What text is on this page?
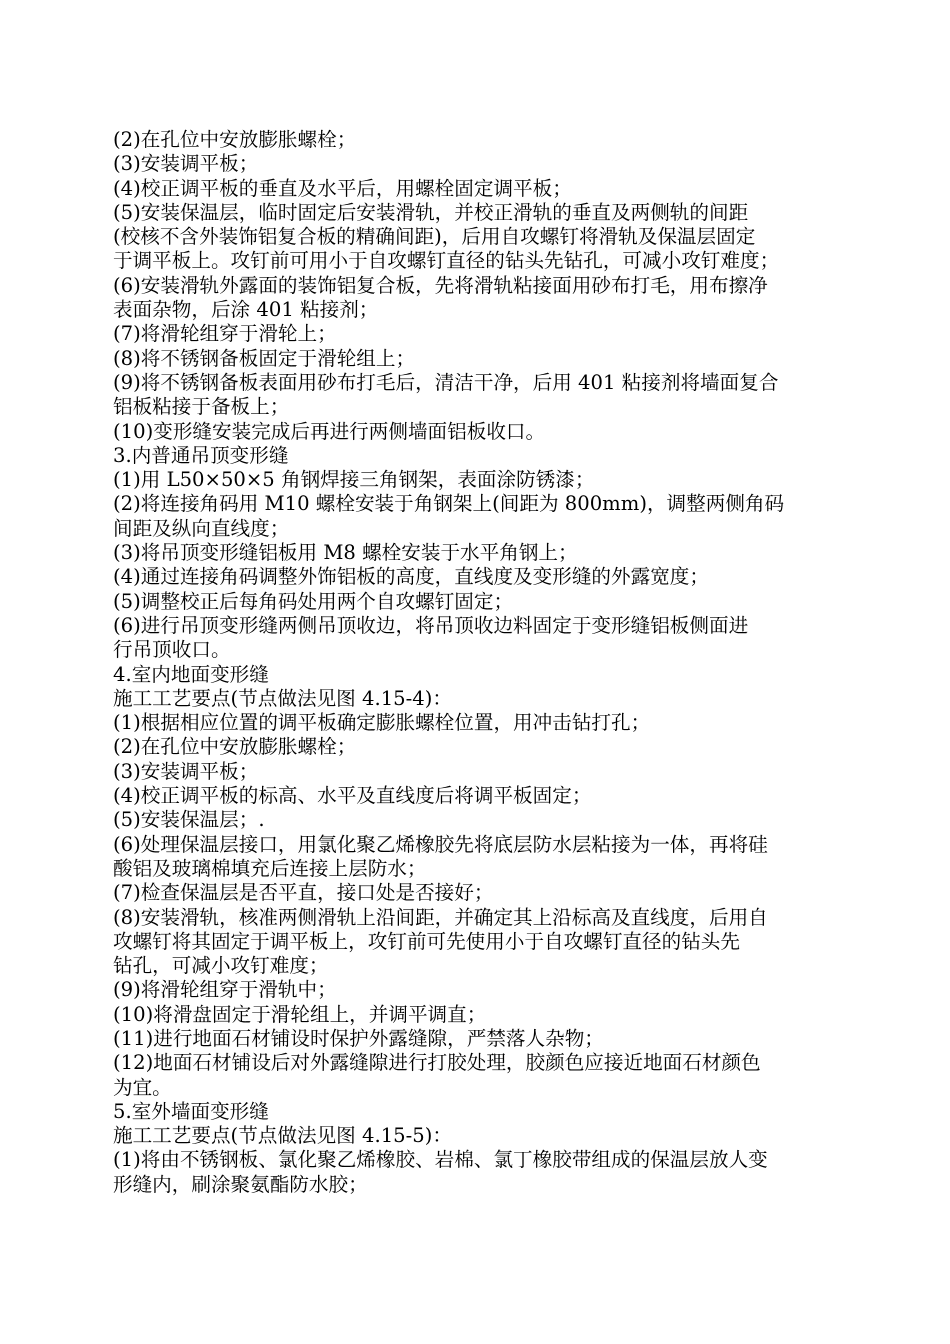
(2)在孔位中安放膨胀螺栓；
(3)安装调平板；
(4)校正调平板的垂直及水平后，用螺栓固定调平板；
(5)安装保温层，临时固定后安装滑轨，并校正滑轨的垂直及两侧轨的间距
(校核不含外装饰铝复合板的精确间距)，后用自攻螺钉将滑轨及保温层固定
于调平板上。攻钉前可用小于自攻螺钉直径的钻头先钻孔，可减小攻钉难度；
(6)安装滑轨外露面的装饰铝复合板，先将滑轨粘接面用砂布打毛，用布擦净
表面杂物，后涂 401 粘接剂；
(7)将滑轮组穿于滑轮上；
(8)将不锈钢备板固定于滑轮组上；
(9)将不锈钢备板表面用砂布打毛后，清洁干净，后用 401 粘接剂将墙面复合
铝板粘接于备板上；
(10)变形缝安装完成后再进行两侧墙面铝板收口。
3.内普通吊顶变形缝
(1)用 L50×50×5 角钢焊接三角钢架，表面涂防锈漆；
(2)将连接角码用 M10 螺栓安装于角钢架上(间距为 800mm)，调整两侧角码
间距及纵向直线度；
(3)将吊顶变形缝铝板用 M8 螺栓安装于水平角钢上；
(4)通过连接角码调整外饰铝板的高度，直线度及变形缝的外露宽度；
(5)调整校正后每角码处用两个自攻螺钉固定；
(6)进行吊顶变形缝两侧吊顶收边，将吊顶收边料固定于变形缝铝板侧面进
行吊顶收口。
4.室内地面变形缝
施工工艺要点(节点做法见图 4.15-4)：
(1)根据相应位置的调平板确定膨胀螺栓位置，用冲击钻打孔；
(2)在孔位中安放膨胀螺栓；
(3)安装调平板；
(4)校正调平板的标高、水平及直线度后将调平板固定；
(5)安装保温层；.
(6)处理保温层接口，用氯化聚乙烯橡胶先将底层防水层粘接为一体，再将硅
酸铝及玻璃棉填充后连接上层防水；
(7)检查保温层是否平直，接口处是否接好；
(8)安装滑轨，核准两侧滑轨上沿间距，并确定其上沿标高及直线度，后用自
攻螺钉将其固定于调平板上，攻钉前可先使用小于自攻螺钉直径的钻头先
钻孔，可减小攻钉难度；
(9)将滑轮组穿于滑轨中；
(10)将滑盘固定于滑轮组上，并调平调直；
(11)进行地面石材铺设时保护外露缝隙，严禁落人杂物；
(12)地面石材铺设后对外露缝隙进行打胶处理，胶颜色应接近地面石材颜色
为宜。
5.室外墙面变形缝
施工工艺要点(节点做法见图 4.15-5)：
(1)将由不锈钢板、氯化聚乙烯橡胶、岩棉、氯丁橡胶带组成的保温层放人变
形缝内，刷涂聚氨酯防水胶；
